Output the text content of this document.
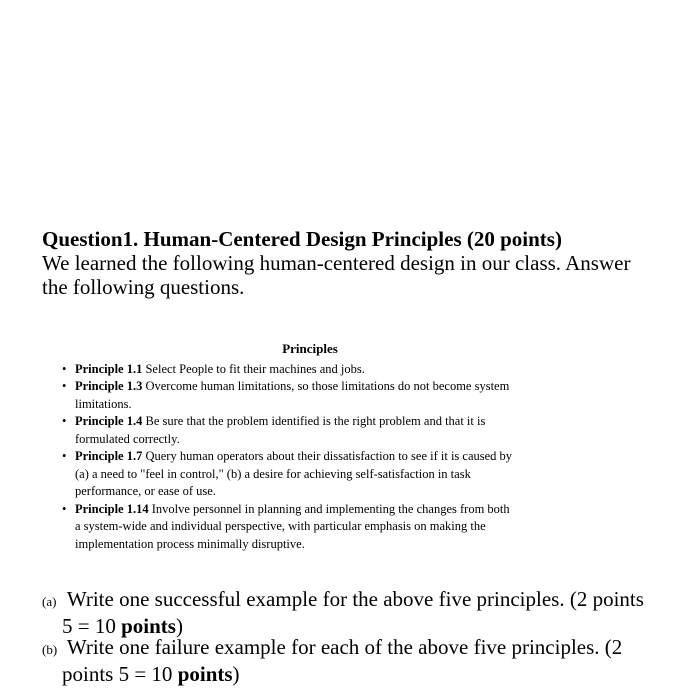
Question1. Human-Centered Design Principles (20 points)
We learned the following human-centered design in our class. Answer
the following questions.
Principles
• Principle 1.1 Select People to fit their machines and jobs.
• Principle 1.3 Overcome human limitations, so those limitations do not become system
limitations.
• Principle 1.4 Be sure that the problem identified is the right problem and that it is
formulated correctly.
• Principle 1.7 Query human operators about their dissatisfaction to see if it is caused by
(a) a need to "feel in control," (b) a desire for achieving self-satisfaction in task
performance, or ease of use.
• Principle 1.14 Involve personnel in planning and implementing the changes from both
a system-wide and individual perspective, with particular emphasis on making the
implementation process minimally disruptive.
(a) Write one successful example for the above five principles. (2 points
5 = 10 points)
(b) Write one failure example for each of the above five principles. (2
points 5 = 10 points)
